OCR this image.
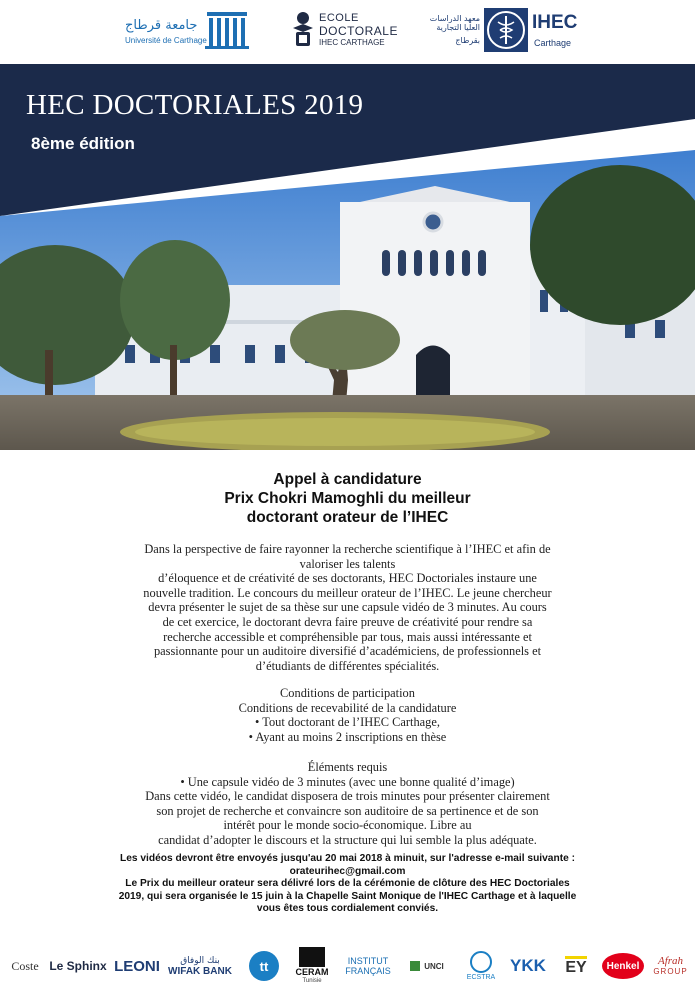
جامعة قرطاج
Université de Carthage
ECOLE
DOCTORALE
IHEC CARTHAGE
معهد الدراسات العليا التجارية
بقرطاج
IHEC
Carthage
HEC DOCTORIALES 2019
8ème édition
Appel à candidature
Prix Chokri Mamoghli du meilleur
doctorant orateur de l’IHEC

Dans la perspective de faire rayonner la recherche scientifique à l’IHEC et afin de

valoriser les talents

d’éloquence et de créativité de ses doctorants, HEC Doctoriales instaure une

nouvelle tradition. Le concours du meilleur orateur de l’IHEC. Le jeune chercheur

devra présenter le sujet de sa thèse sur une capsule vidéo de 3 minutes. Au cours

de cet exercice, le doctorant devra faire preuve de créativité pour rendre sa

recherche accessible et compréhensible par tous, mais aussi intéressante et

passionnante pour un auditoire diversifié d’académiciens, de professionnels et

d’étudiants de différentes spécialités.

Conditions de participation

Conditions de recevabilité de la candidature

• Tout doctorant de l’IHEC Carthage,

• Ayant au moins 2 inscriptions en thèse

Éléments requis

• Une capsule vidéo de 3 minutes (avec une bonne qualité d’image)

Dans cette vidéo, le candidat disposera de trois minutes pour présenter clairement

son projet de recherche et convaincre son auditoire de sa pertinence et de son

intérêt pour le monde socio-économique. Libre au

candidat d’adopter le discours et la structure qui lui semble la plus adéquate.

Les vidéos devront être envoyés jusqu'au 20 mai 2018 à minuit, sur l'adresse e-mail suivante :

orateurihec@gmail.com

Le Prix du meilleur orateur sera délivré lors de la cérémonie de clôture des HEC Doctoriales

2019, qui sera organisée le 15 juin à la Chapelle Saint Monique de l'IHEC Carthage et à laquelle

vous êtes tous cordialement conviés.

Coste Le Sphinx LEONI بنك الوفاق
WIFAK BANK	tt	CERAM
Tunisie
INSTITUT
FRANÇAIS	UNCI
ECSTRA
YKK EY	Henkel	Afrah
GROUP
